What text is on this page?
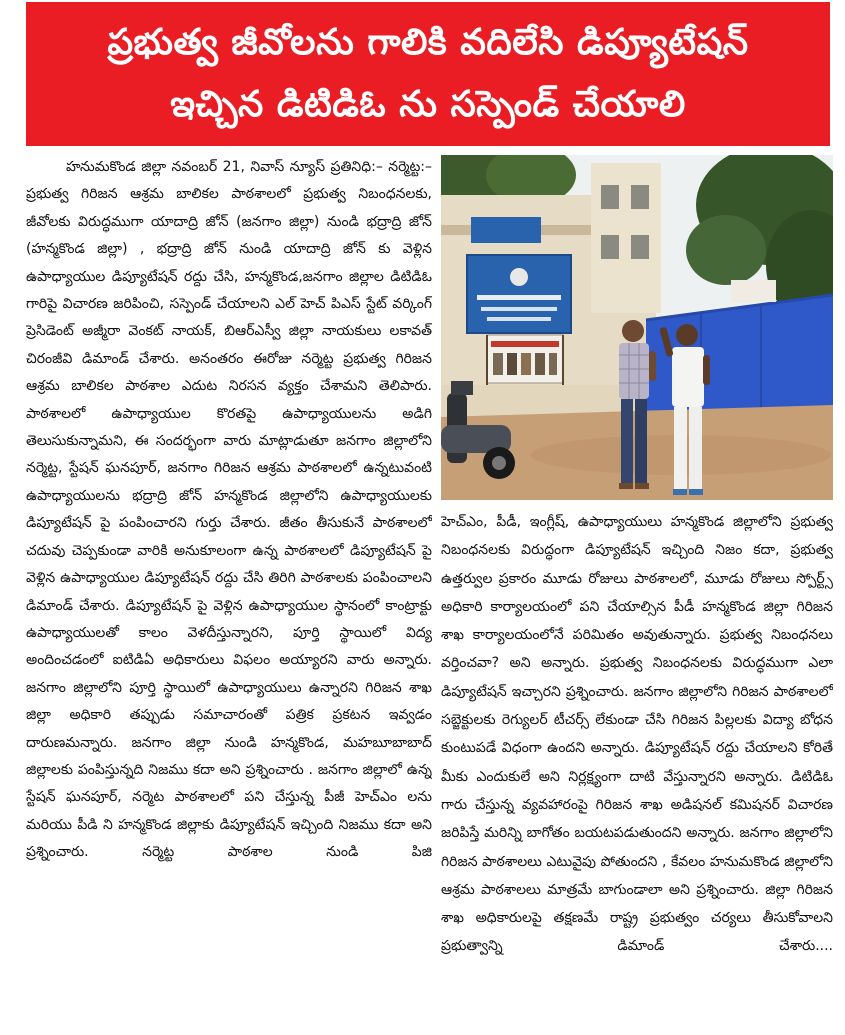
ప్రభుత్వ జీవోలను గాలికి వదిలేసి డిప్యూటేషన్
ఇచ్చిన డిటిడిఓ ను సస్పెండ్ చేయాలి

హనుమకొండ జిల్లా నవంబర్ 21, నివాస్ న్యూస్ ప్రతినిధి:– నర్మెట్ట:– ప్రభుత్వ గిరిజన ఆశ్రమ బాలికల పాఠశాలలో ప్రభుత్వ నిబంధనలకు, జీవోలకు విరుద్ధముగా యాదాద్రి జోన్ (జనగాం జిల్లా) నుండి భద్రాద్రి జోన్ (హన్మకొండ జిల్లా) , భద్రాద్రి జోన్ నుండి యాదాద్రి జోన్ కు వెళ్లిన ఉపాధ్యాయుల డిప్యూటేషన్ రద్దు చేసి, హన్మకొండ,జనగాం జిల్లాల డిటిడిఓ గారిపై విచారణ జరిపించి, సస్పెండ్ చేయాలని ఎల్ హెచ్ పిఎస్ స్టేట్ వర్కింగ్ ప్రెసిడెంట్ అజ్మీరా వెంకట్ నాయక్, బిఆర్ఎస్వీ జిల్లా నాయకులు లకావత్ చిరంజీవి డిమాండ్ చేశారు. అనంతరం ఈరోజు నర్మెట్ట ప్రభుత్వ గిరిజన ఆశ్రమ బాలికల పాఠశాల ఎదుట నిరసన వ్యక్తం చేశామని తెలిపారు. పాఠశాలలో ఉపాధ్యాయుల కొరతపై ఉపాధ్యాయులను అడిగి తెలుసుకున్నామని, ఈ సందర్భంగా వారు మాట్లాడుతూ జనగాం జిల్లాలోని నర్మెట్ట, స్టేషన్ ఘనపూర్, జనగాం గిరిజన ఆశ్రమ పాఠశాలలో ఉన్నటువంటి ఉపాధ్యాయులను భద్రాద్రి జోన్ హన్మకొండ జిల్లాలోని ఉపాధ్యాయులకు డిప్యూటేషన్ పై పంపించారని గుర్తు చేశారు. జీతం తీసుకునే పాఠశాలలో చదువు చెప్పకుండా వారికి అనుకూలంగా ఉన్న పాఠశాలలో డిప్యూటేషన్ పై వెళ్లిన ఉపాధ్యాయుల డిప్యూటేషన్ రద్దు చేసి తిరిగి పాఠశాలకు పంపించాలని డిమాండ్ చేశారు. డిప్యూటేషన్ పై వెళ్లిన ఉపాధ్యాయుల స్థానంలో కాంట్రాక్టు ఉపాధ్యాయులతో కాలం వెళదీస్తున్నారని, పూర్తి స్థాయిలో విద్య అందించడంలో ఐటిడిఏ అధికారులు విఫలం అయ్యారని వారు అన్నారు. జనగాం జిల్లాలోని పూర్తి స్థాయిలో ఉపాధ్యాయులు ఉన్నారని గిరిజన శాఖ జిల్లా అధికారి తప్పుడు సమాచారంతో పత్రిక ప్రకటన ఇవ్వడం దారుణమన్నారు. జనగాం జిల్లా నుండి హన్మకొండ, మహబూబాబాద్ జిల్లాలకు పంపిస్తున్నది నిజము కదా అని ప్రశ్నించారు . జనగాం జిల్లాలో ఉన్న స్టేషన్ ఘనపూర్, నర్మెట పాఠశాలలో పని చేస్తున్న పీజీ హెచ్ఎం లను మరియు పీడి ని హన్మకొండ జిల్లాకు డిప్యూటేషన్ ఇచ్చింది నిజము కదా అని ప్రశ్నించారు. నర్మెట్ట పాఠశాల నుండి పిజి

హెచ్ఎం, పీడీ, ఇంగ్లీష్, ఉపాధ్యాయులు హన్మకొండ జిల్లాలోని ప్రభుత్వ నిబంధనలకు విరుద్ధంగా డిప్యూటేషన్ ఇచ్చింది నిజం కదా, ప్రభుత్వ ఉత్తర్వుల ప్రకారం మూడు రోజులు పాఠశాలలో, మూడు రోజులు స్పోర్ట్స్ అధికారి కార్యాలయంలో పని చేయాల్సిన పీడీ హన్మకొండ జిల్లా గిరిజన శాఖ కార్యాలయంలోనే పరిమితం అవుతున్నారు. ప్రభుత్వ నిబంధనలు వర్తించవా? అని అన్నారు. ప్రభుత్వ నిబంధనలకు విరుద్ధముగా ఎలా డిప్యూటేషన్ ఇచ్చారని ప్రశ్నించారు. జనగాం జిల్లాలోని గిరిజన పాఠశాలలో సబ్జెక్టులకు రెగ్యులర్ టీచర్స్ లేకుండా చేసి గిరిజన పిల్లలకు విద్యా బోధన కుంటుపడే విధంగా ఉందని అన్నారు. డిప్యూటేషన్ రద్దు చేయాలని కోరితే మీకు ఎందుకులే అని నిర్లక్ష్యంగా దాటి వేస్తున్నారని అన్నారు. డిటిడిఓ గారు చేస్తున్న వ్యవహారంపై గిరిజన శాఖ అడిషనల్ కమిషనర్ విచారణ జరిపిస్తే మరిన్ని బాగోతం బయటపడుతుందని అన్నారు. జనగాం జిల్లాలోని గిరిజన పాఠశాలలు ఎటువైపు పోతుందని , కేవలం హనుమకొండ జిల్లాలోని ఆశ్రమ పాఠశాలలు మాత్రమే బాగుండాలా అని ప్రశ్నించారు. జిల్లా గిరిజన శాఖ అధికారులపై తక్షణమే రాష్ట్ర ప్రభుత్వం చర్యలు తీసుకోవాలని ప్రభుత్వాన్ని డిమాండ్ చేశారు....
